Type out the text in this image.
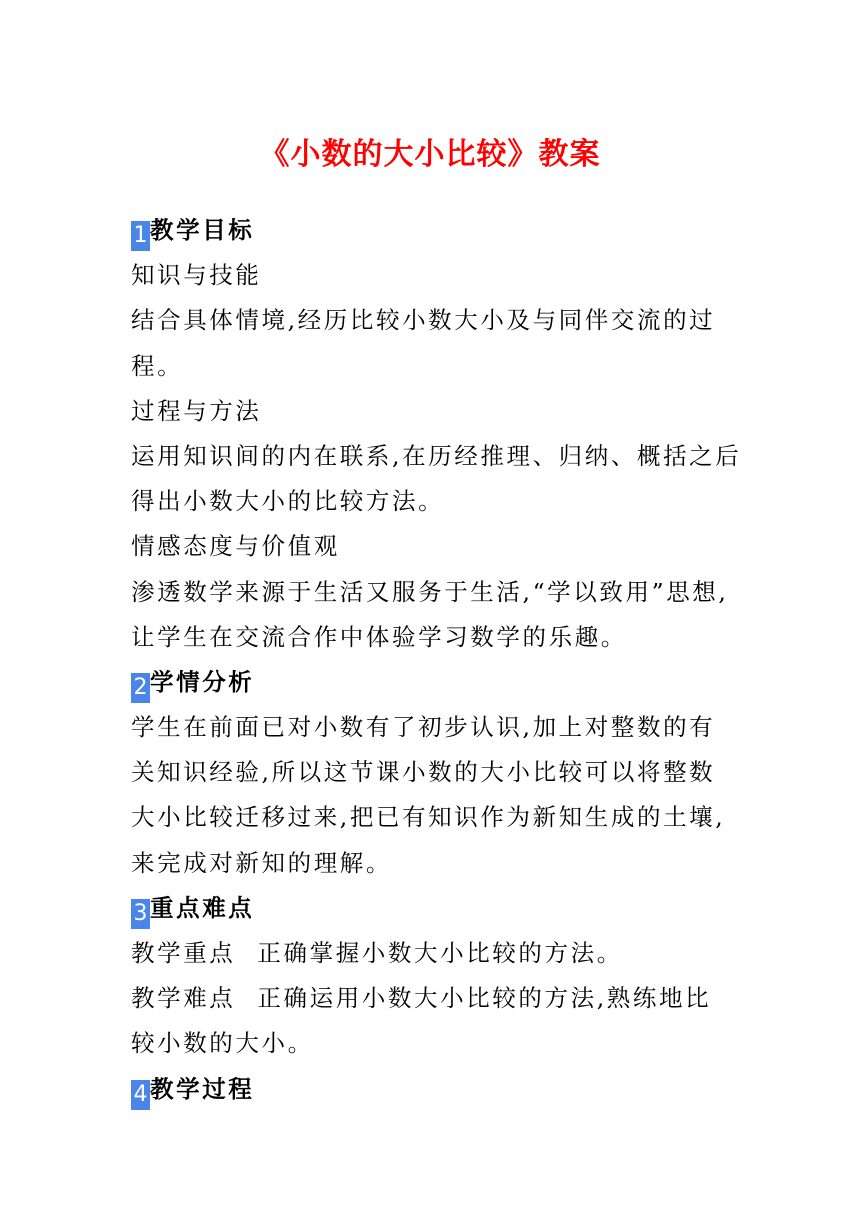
《小数的大小比较》教案
1 教学目标
知识与技能
结合具体情境,经历比较小数大小及与同伴交流的过
程。
过程与方法
运用知识间的内在联系,在历经推理、归纳、概括之后
得出小数大小的比较方法。
情感态度与价值观
渗透数学来源于生活又服务于生活,“学以致用”思想,
让学生在交流合作中体验学习数学的乐趣。
2 学情分析
学生在前面已对小数有了初步认识,加上对整数的有
关知识经验,所以这节课小数的大小比较可以将整数
大小比较迁移过来,把已有知识作为新知生成的土壤,
来完成对新知的理解。
3 重点难点
教学重点 正确掌握小数大小比较的方法。
教学难点 正确运用小数大小比较的方法,熟练地比
较小数的大小。
4 教学过程
